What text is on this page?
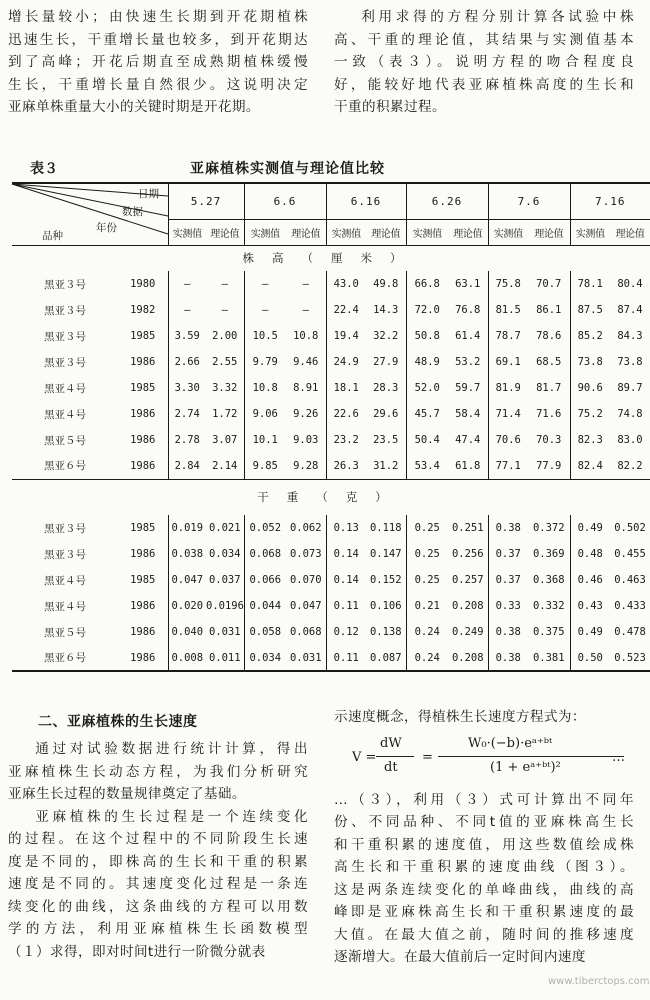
增长量较小；由快速生长期到开花期植株

迅速生长，干重增长量也较多，到开花期达

到了高峰；开花后期直至成熟期植株缓慢

生长，干重增长量自然很少。这说明决定

亚麻单株重量大小的关键时期是开花期。

利用求得的方程分别计算各试验中株

高、干重的理论值，其结果与实测值基本

一致（表３）。说明方程的吻合程度良

好，能较好地代表亚麻植株高度的生长和

干重的积累过程。

表３	亚麻植株实测值与理论值比较
日期
数据
年份
品种		5.27		6.6		6.16		6.26		7.6		7.16	
		实测值	理论值	实测值	理论值	实测值	理论值	实测值	理论值	实测值	理论值	实测值	理论值
株高（厘米）													
黑亚３号	1980	—	—	—	—	43.0	49.8	66.8	63.1	75.8	70.7	78.1	80.4
黑亚３号	1982	—	—	—	—	22.4	14.3	72.0	76.8	81.5	86.1	87.5	87.4
黑亚３号	1985	3.59	2.00	10.5	10.8	19.4	32.2	50.8	61.4	78.7	78.6	85.2	84.3
黑亚３号	1986	2.66	2.55	9.79	9.46	24.9	27.9	48.9	53.2	69.1	68.5	73.8	73.8
黑亚４号	1985	3.30	3.32	10.8	8.91	18.1	28.3	52.0	59.7	81.9	81.7	90.6	89.7
黑亚４号	1986	2.74	1.72	9.06	9.26	22.6	29.6	45.7	58.4	71.4	71.6	75.2	74.8
黑亚５号	1986	2.78	3.07	10.1	9.03	23.2	23.5	50.4	47.4	70.6	70.3	82.3	83.0
黑亚６号	1986	2.84	2.14	9.85	9.28	26.3	31.2	53.4	61.8	77.1	77.9	82.4	82.2
干重（克）													
黑亚３号	1985	0.019	0.021	0.052	0.062	0.13	0.118	0.25	0.251	0.38	0.372	0.49	0.502
黑亚３号	1986	0.038	0.034	0.068	0.073	0.14	0.147	0.25	0.256	0.37	0.369	0.48	0.455
黑亚４号	1985	0.047	0.037	0.066	0.070	0.14	0.152	0.25	0.257	0.37	0.368	0.46	0.463
黑亚４号	1986	0.020	0.0196	0.044	0.047	0.11	0.106	0.21	0.208	0.33	0.332	0.43	0.433
黑亚５号	1986	0.040	0.031	0.058	0.068	0.12	0.138	0.24	0.249	0.38	0.375	0.49	0.478
黑亚６号	1986	0.008	0.011	0.034	0.031	0.11	0.087	0.24	0.208	0.38	0.381	0.50	0.523
二、亚麻植株的生长速度

通过对试验数据进行统计计算，得出

亚麻植株生长动态方程，为我们分析研究

亚麻生长过程的数量规律奠定了基础。

亚麻植株的生长过程是一个连续变化

的过程。在这个过程中的不同阶段生长速

度是不同的，即株高的生长和干重的积累

速度是不同的。其速度变化过程是一条连

续变化的曲线，这条曲线的方程可以用数

学的方法，利用亚麻植株生长函数模型

（１）求得，即对时间t进行一阶微分就表

示速度概念，得植株生长速度方程式为：

…（３），利用（３）式可计算出不同年

份、不同品种、不同t值的亚麻株高生长

和干重积累的速度值，用这些数值绘成株

高生长和干重积累的速度曲线（图３）。

这是两条连续变化的单峰曲线，曲线的高

峰即是亚麻株高生长和干重积累速度的最

大值。在最大值之前，随时间的推移速度

逐渐增大。在最大值前后一定时间内速度

V =
dW
dt
=
W₀·(−b)·eᵃ⁺ᵇᵗ
(1 + eᵃ⁺ᵇᵗ)²
…
www.tiberctops.com
